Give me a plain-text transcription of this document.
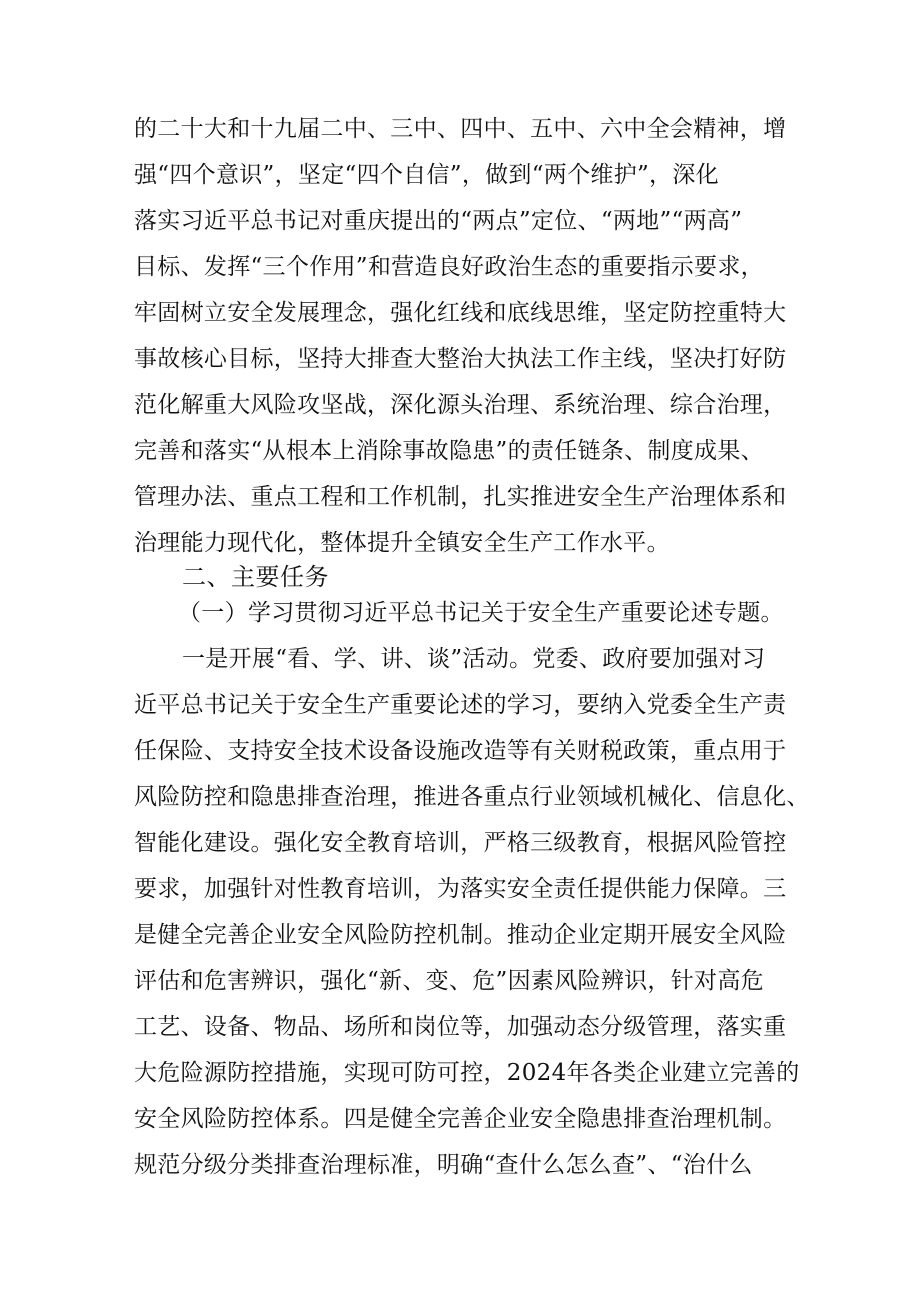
的二十大和十九届二中、三中、四中、五中、六中全会精神，增
强“四个意识”，坚定“四个自信”，做到“两个维护”，深化
落实习近平总书记对重庆提出的“两点”定位、“两地”“两高”
目标、发挥“三个作用”和营造良好政治生态的重要指示要求，
牢固树立安全发展理念，强化红线和底线思维，坚定防控重特大
事故核心目标，坚持大排查大整治大执法工作主线，坚决打好防
范化解重大风险攻坚战，深化源头治理、系统治理、综合治理，
完善和落实“从根本上消除事故隐患”的责任链条、制度成果、
管理办法、重点工程和工作机制，扎实推进安全生产治理体系和
治理能力现代化，整体提升全镇安全生产工作水平。
二、主要任务
（一）学习贯彻习近平总书记关于安全生产重要论述专题。
一是开展“看、学、讲、谈”活动。党委、政府要加强对习
近平总书记关于安全生产重要论述的学习，要纳入党委全生产责
任保险、支持安全技术设备设施改造等有关财税政策，重点用于
风险防控和隐患排查治理，推进各重点行业领域机械化、信息化、
智能化建设。强化安全教育培训，严格三级教育，根据风险管控
要求，加强针对性教育培训，为落实安全责任提供能力保障。三
是健全完善企业安全风险防控机制。推动企业定期开展安全风险
评估和危害辨识，强化“新、变、危”因素风险辨识，针对高危
工艺、设备、物品、场所和岗位等，加强动态分级管理，落实重
大危险源防控措施，实现可防可控，2024年各类企业建立完善的
安全风险防控体系。四是健全完善企业安全隐患排查治理机制。
规范分级分类排查治理标准，明确“查什么怎么查”、“治什么
